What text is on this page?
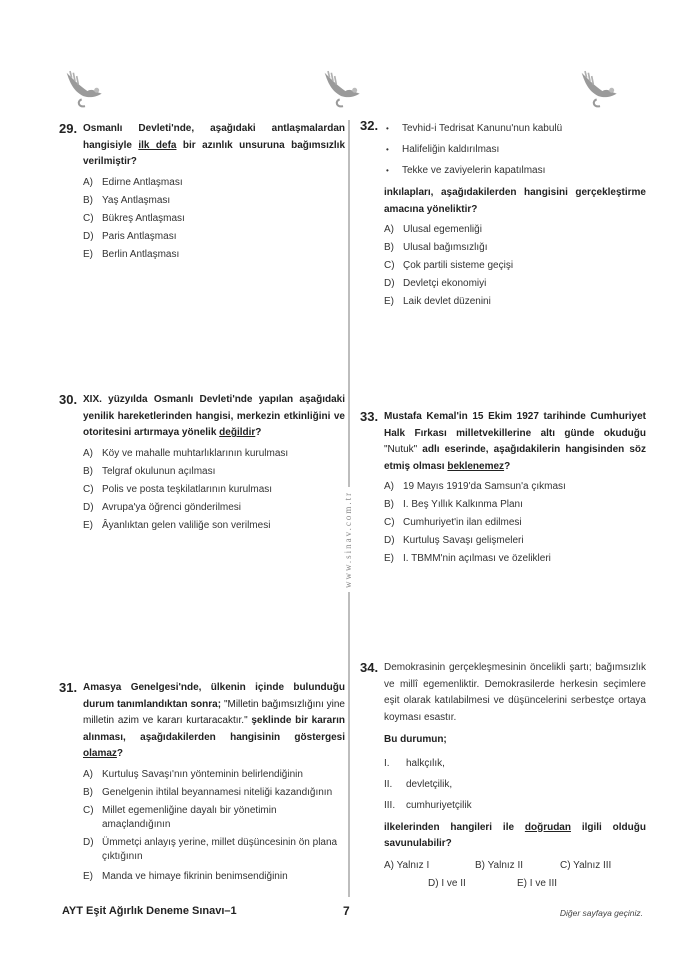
www.sinav.com.tr
29. Osmanlı Devleti'nde, aşağıdaki antlaşmalardan hangisiyle ilk defa bir azınlık unsuruna bağımsızlık verilmiştir?

A) Edirne Antlaşması
B) Yaş Antlaşması
C) Bükreş Antlaşması
D) Paris Antlaşması
E) Berlin Antlaşması
30. XIX. yüzyılda Osmanlı Devleti'nde yapılan aşağıdaki yenilik hareketlerinden hangisi, merkezin etkinliğini ve otoritesini artırmaya yönelik değildir?

A) Köy ve mahalle muhtarlıklarının kurulması
B) Telgraf okulunun açılması
C) Polis ve posta teşkilatlarının kurulması
D) Avrupa'ya öğrenci gönderilmesi
E) Âyanlıktan gelen valiliğe son verilmesi
31. Amasya Genelgesi'nde, ülkenin içinde bulunduğu durum tanımlandıktan sonra; "Milletin bağımsızlığını yine milletin azim ve kararı kurtaracaktır." şeklinde bir kararın alınması, aşağıdakilerden hangisinin göstergesi olamaz?

A) Kurtuluş Savaşı'nın yönteminin belirlendiğinin
B) Genelgenin ihtilal beyannamesi niteliği kazandığının
C) Millet egemenliğine dayalı bir yönetimin amaçlandığının
D) Ümmetçi anlayış yerine, millet düşüncesinin ön plana çıktığının
E) Manda ve himaye fikrinin benimsendiğinin
32.	• Tevhid-i Tedrisat Kanunu'nun kabulü
• Halifeliğin kaldırılması
• Tekke ve zaviyelerin kapatılması

inkılapları, aşağıdakilerden hangisini gerçekleştirme amacına yöneliktir?

A) Ulusal egemenliği
B) Ulusal bağımsızlığı
C) Çok partili sisteme geçişi
D) Devletçi ekonomiyi
E) Laik devlet düzenini
33. Mustafa Kemal'in 15 Ekim 1927 tarihinde Cumhuriyet Halk Fırkası milletvekillerine altı günde okuduğu "Nutuk" adlı eserinde, aşağıdakilerin hangisinden söz etmiş olması beklenemez?

A) 19 Mayıs 1919'da Samsun'a çıkması
B) I. Beş Yıllık Kalkınma Planı
C) Cumhuriyet'in ilan edilmesi
D) Kurtuluş Savaşı gelişmeleri
E) I. TBMM'nin açılması ve özelikleri
34. Demokrasinin gerçekleşmesinin öncelikli şartı; bağımsızlık ve millî egemenliktir. Demokrasilerde herkesin seçimlere eşit olarak katılabilmesi ve düşüncelerini serbestçe ortaya koyması esastır.

Bu durumun;

I. halkçılık,
II. devletçilik,
III. cumhuriyetçilik

ilkelerinden hangileri ile doğrudan ilgili olduğu savunulabilir?

A) Yalnız I	B) Yalnız II	C) Yalnız III
D) I ve II	E) I ve III
AYT Eşit Ağırlık Deneme Sınavı–1	7	Diğer sayfaya geçiniz.
